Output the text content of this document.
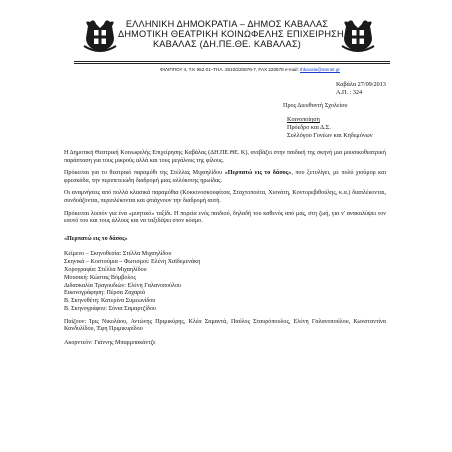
ΕΛΛΗΝΙΚΗ ΔΗΜΟΚΡΑΤΙΑ – ΔΗΜΟΣ ΚΑΒΑΛΑΣ
ΔΗΜΟΤΙΚΗ ΘΕΑΤΡΙΚΗ ΚΟΙΝΩΦΕΛΗΣ ΕΠΙΧΕΙΡΗΣΗ
ΚΑΒΑΛΑΣ (ΔΗ.ΠΕ.ΘΕ. ΚΑΒΑΛΑΣ)
ΦΙΛΙΠΠΟΥ 4, Τ.Κ 652 01–ΤΗΛ. 2510/220876-7, FAX 220878 e-mail: thkavala@otenet.gr
Καβάλα 27/09/2013
Α.Π. : 324
Προς Διευθυντή Σχολείου
Κοινοποίηση
Πρόεδρο και Δ.Σ.
Συλλόγου Γονέων και Κηδεμόνων

Η Δημοτική Θεατρική Κοινωφελής Επιχείρησης Καβάλας (ΔΗ.ΠΕ.ΘΕ. Κ), ανεβάζει στην παιδική της σκηνή μια μουσικοθεατρική παράσταση για τους μικρούς αλλά και τους μεγάλους της φίλους.

Πρόκειται για το θεατρικό παραμύθι της Στέλλας Μιχαηλίδου «Περπατώ εις το δάσος», που ξετυλίγει, με πολύ χιούμορ και φρεσκάδα, την περιπετειώδη διαδρομή μιας αλλόκοτης ηρωίδας.

Οι αναμνήσεις από πολλά κλασικά παραμύθια (Κοκκινοσκουφίτσα, Σταχτοπούτα, Χιονάτη, Κοντορεβιθούλης, κ.α.) διαπλέκονται, συνδυάζονται, περιπλέκονται και φτιάχνουν την διαδρομή αυτή.

Πρόκειται λοιπόν για ένα «μυητικό» ταξίδι. Η πορεία ενός παιδιού, δηλαδή του καθενός από μας, στη ζωή, για ν' ανακαλύψει τον εαυτό του και τους άλλους και να ταξιδέψει στον κόσμο.

«Περπατώ εις το δάσος»
Κείμενο – Σκηνοθεσία: Στέλλα Μιχαηλίδου
Σκηνικά – Κοστούμια – Φωτισμοί: Ελένη Χαϊδεμενάκη
Χορογραφία: Στέλλα Μιχαηλίδου
Μουσική: Κώστας Βόμβολος
Διδασκαλία Τραγουδιών: Ελένη Γαλανοπούλου
Εικονογράφηση: Πέρσα Ζαχαριά
Β. Σκηνοθέτη: Κατερίνα Συμεωνίδου
Β. Σκηνογράφου: Σόνια Σαμαρτζίδου
Παίζουν: Ίρις Νικολάου, Αντώνης Πριμικύρης, Κλέα Σαμαντά, Παύλος Σταυρόπουλος, Ελένη Γαλανοπούλου, Κωνσταντίνα Κανδυλίδου, Έφη Πριμικυρίδου
Ακορντεόν: Γιάννης Μπαρμπακάντζε
